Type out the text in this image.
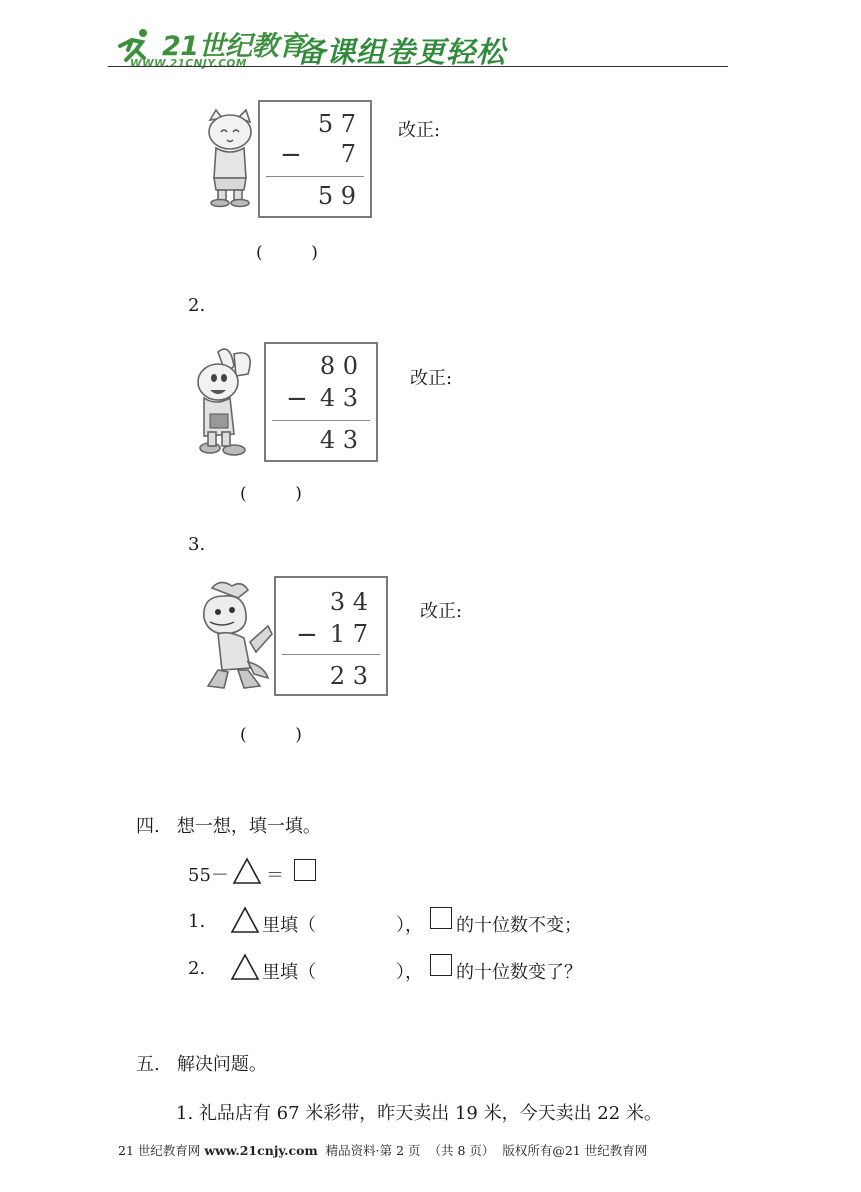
21世纪教育
WWW.21CNJY.COM 备课组卷更轻松
5 7
− 7
5 9
改正:
(         )
2.
8 0
− 4 3
4 3
改正:
(         )
3.
3 4
− 1 7
2 3
改正:
(         )
四.   想一想，填一填。
55－ ＝
1.	里填（	）， 的十位数不变；
2.	里填（	）， 的十位数变了？
五.   解决问题。
1. 礼品店有 67 米彩带，昨天卖出 19 米，今天卖出 22 米。
21 世纪教育网 www.21cnjy.com  精品资料·第 2 页  （共 8 页）  版权所有@21 世纪教育网
